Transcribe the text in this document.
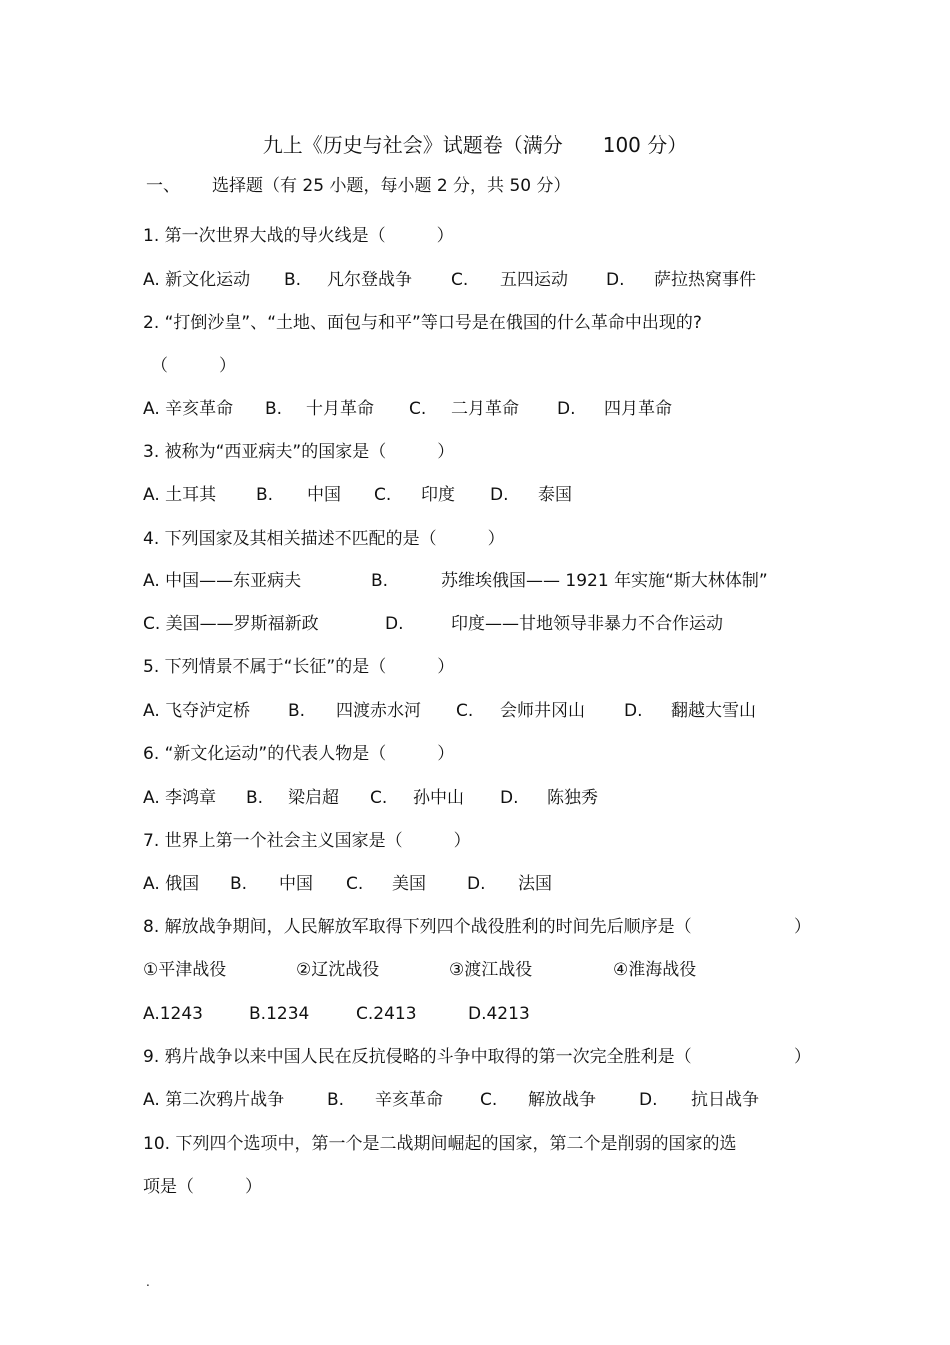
九上《历史与社会》试题卷（满分 100 分）
一、 选择题（有 25 小题，每小题 2 分，共 50 分）
1. 第一次世界大战的导火线是（　　　）
A. 新文化运动 B. 凡尔登战争 C. 五四运动 D. 萨拉热窝事件
2. “打倒沙皇”、“土地、面包与和平”等口号是在俄国的什么革命中出现的?
（　　　）
A. 辛亥革命 B. 十月革命 C. 二月革命 D. 四月革命
3. 被称为“西亚病夫”的国家是（　　　）
A. 土耳其 B. 中国 C. 印度 D. 泰国
4. 下列国家及其相关描述不匹配的是（　　　）
A. 中国——东亚病夫	B.	苏维埃俄国—— 1921 年实施“斯大林体制”
C. 美国——罗斯福新政	D.	印度——甘地领导非暴力不合作运动
5. 下列情景不属于“长征”的是（　　　）
A. 飞夺泸定桥 B. 四渡赤水河 C. 会师井冈山 D. 翻越大雪山
6. “新文化运动”的代表人物是（　　　）
A. 李鸿章 B. 梁启超 C. 孙中山 D. 陈独秀
7. 世界上第一个社会主义国家是（　　　）
A. 俄国 B. 中国 C. 美国 D. 法国
8. 解放战争期间，人民解放军取得下列四个战役胜利的时间先后顺序是（	）
①平津战役	②辽沈战役	③渡江战役	④淮海战役
A.1243	B.1234	C.2413	D.4213
9. 鸦片战争以来中国人民在反抗侵略的斗争中取得的第一次完全胜利是（	）
A. 第二次鸦片战争	B. 辛亥革命 C. 解放战争	D. 抗日战争
10. 下列四个选项中，第一个是二战期间崛起的国家，第二个是削弱的国家的选
项是（　　　）
.
